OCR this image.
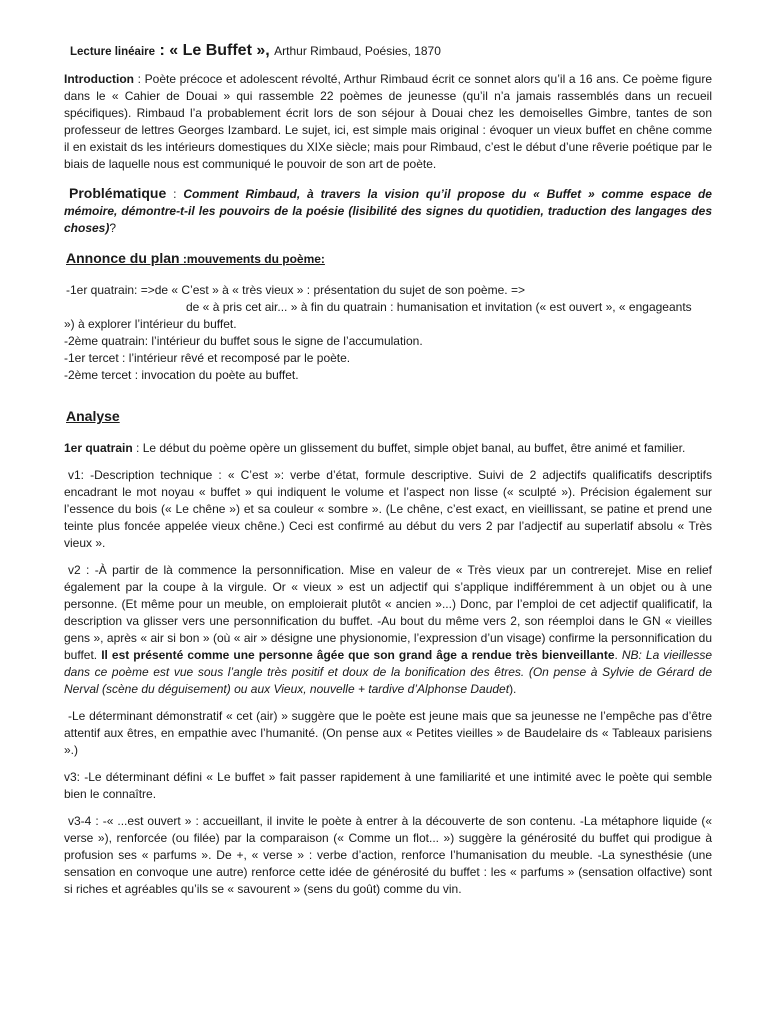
Lecture linéaire : « Le Buffet », Arthur Rimbaud, Poésies, 1870

Introduction : Poète précoce et adolescent révolté, Arthur Rimbaud écrit ce sonnet alors qu’il a 16 ans. Ce poème figure dans le « Cahier de Douai » qui rassemble 22 poèmes de jeunesse (qu’il n’a jamais rassemblés dans un recueil spécifiques). Rimbaud l’a probablement écrit lors de son séjour à Douai chez les demoiselles Gimbre, tantes de son professeur de lettres Georges Izambard. Le sujet, ici, est simple mais original : évoquer un vieux buffet en chêne comme il en existait ds les intérieurs domestiques du XIXe siècle; mais pour Rimbaud, c’est le début d’une rêverie poétique par le biais de laquelle nous est communiqué le pouvoir de son art de poète.

Problématique : Comment Rimbaud, à travers la vision qu’il propose du « Buffet » comme espace de mémoire, démontre-t-il les pouvoirs de la poésie (lisibilité des signes du quotidien, traduction des langages des choses)?

Annonce du plan :mouvements du poème:

-1er quatrain: =>de « C’est » à « très vieux » : présentation du sujet de son poème. =>

de « à pris cet air... » à fin du quatrain : humanisation et invitation (« est ouvert », « engageants

») à explorer l’intérieur du buffet.

-2ème quatrain: l’intérieur du buffet sous le signe de l’accumulation.

-1er tercet : l’intérieur rêvé et recomposé par le poète.

-2ème tercet : invocation du poète au buffet.

Analyse

1er quatrain : Le début du poème opère un glissement du buffet, simple objet banal, au buffet, être animé et familier.

v1: -Description technique : « C’est »: verbe d’état, formule descriptive. Suivi de 2 adjectifs qualificatifs descriptifs encadrant le mot noyau « buffet » qui indiquent le volume et l’aspect non lisse (« sculpté »). Précision également sur l’essence du bois (« Le chêne ») et sa couleur « sombre ». (Le chêne, c’est exact, en vieillissant, se patine et prend une teinte plus foncée appelée vieux chêne.) Ceci est confirmé au début du vers 2 par l’adjectif au superlatif absolu « Très vieux ».

v2 : -À partir de là commence la personnification. Mise en valeur de « Très vieux par un contrerejet. Mise en relief également par la coupe à la virgule. Or « vieux » est un adjectif qui s’applique indifféremment à un objet ou à une personne. (Et même pour un meuble, on emploierait plutôt « ancien »...) Donc, par l’emploi de cet adjectif qualificatif, la description va glisser vers une personnification du buffet. -Au bout du même vers 2, son réemploi dans le GN « vieilles gens », après « air si bon » (où « air » désigne une physionomie, l’expression d’un visage) confirme la personnification du buffet. Il est présenté comme une personne âgée que son grand âge a rendue très bienveillante. NB: La vieillesse dans ce poème est vue sous l’angle très positif et doux de la bonification des êtres. (On pense à Sylvie de Gérard de Nerval (scène du déguisement) ou aux Vieux, nouvelle + tardive d’Alphonse Daudet).

-Le déterminant démonstratif « cet (air) » suggère que le poète est jeune mais que sa jeunesse ne l’empêche pas d’être attentif aux êtres, en empathie avec l’humanité. (On pense aux « Petites vieilles » de Baudelaire ds « Tableaux parisiens ».)

v3: -Le déterminant défini « Le buffet » fait passer rapidement à une familiarité et une intimité avec le poète qui semble bien le connaître.

v3-4 : -« ...est ouvert » : accueillant, il invite le poète à entrer à la découverte de son contenu. -La métaphore liquide (« verse »), renforcée (ou filée) par la comparaison (« Comme un flot... ») suggère la générosité du buffet qui prodigue à profusion ses « parfums ». De +, « verse » : verbe d’action, renforce l’humanisation du meuble. -La synesthésie (une sensation en convoque une autre) renforce cette idée de générosité du buffet : les « parfums » (sensation olfactive) sont si riches et agréables qu’ils se « savourent » (sens du goût) comme du vin.
